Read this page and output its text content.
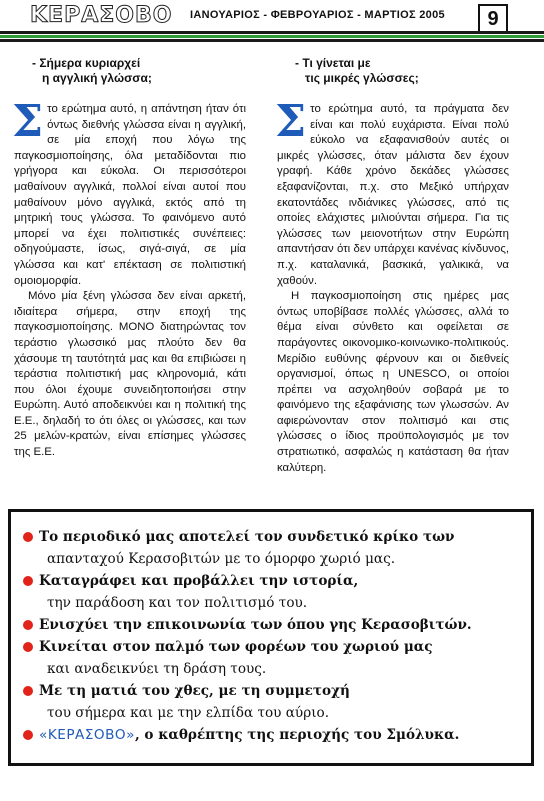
ΚΕΡΑΣΟΒΟ ΙΑΝΟΥΑΡΙΟΣ - ΦΕΒΡΟΥΑΡΙΟΣ - ΜΑΡΤΙΟΣ 2005	9
- Σήμερα κυριαρχεί
η αγγλική γλώσσα;

Στο ερώτημα αυτό, η απάντηση ήταν ότι όντως διεθνής γλώσσα είναι η αγγλική, σε μία εποχή που λόγω της παγκοσμιοποίησης, όλα μεταδίδονται πιο γρήγορα και εύκολα. Οι περισσότεροι μαθαίνουν αγγλικά, πολλοί είναι αυτοί που μαθαίνουν μόνο αγγλικά, εκτός από τη μητρική τους γλώσσα. Το φαινόμενο αυτό μπορεί να έχει πολιτιστικές συνέπειες: οδηγούμαστε, ίσως, σιγά-σιγά, σε μία γλώσσα και κατ' επέκταση σε πολιτιστική ομοιομορφία.

Μόνο μία ξένη γλώσσα δεν είναι αρκετή, ιδιαίτερα σήμερα, στην εποχή της παγκοσμιοποίησης. ΜΟΝΟ διατηρώντας τον τεράστιο γλωσσικό μας πλούτο δεν θα χάσουμε τη ταυτότητά μας και θα επιβιώσει η τεράστια πολιτιστική μας κληρονομιά, κάτι που όλοι έχουμε συνειδητοποιήσει στην Ευρώπη. Αυτό αποδεικνύει και η πολιτική της Ε.Ε., δηλαδή το ότι όλες οι γλώσσες, και των 25 μελών-κρατών, είναι επίσημες γλώσσες της Ε.Ε.

- Τι γίνεται με
τις μικρές γλώσσες;

Στο ερώτημα αυτό, τα πράγματα δεν είναι και πολύ ευχάριστα. Είναι πολύ εύκολο να εξαφανισθούν αυτές οι μικρές γλώσσες, όταν μάλιστα δεν έχουν γραφή. Κάθε χρόνο δεκάδες γλώσσες εξαφανίζονται, π.χ. στο Μεξικό υπήρχαν εκατοντάδες ινδιάνικες γλώσσες, από τις οποίες ελάχιστες μιλιούνται σήμερα. Για τις γλώσσες των μειονοτήτων στην Ευρώπη απαντήσαν ότι δεν υπάρχει κανένας κίνδυνος, π.χ. καταλανικά, βασκικά, γαλικικά, να χαθούν.

Η παγκοσμιοποίηση στις ημέρες μας όντως υποβίβασε πολλές γλώσσες, αλλά το θέμα είναι σύνθετο και οφείλεται σε παράγοντες οικονομικο-κοινωνικο-πολιτικούς. Μερίδιο ευθύνης φέρνουν και οι διεθνείς οργανισμοί, όπως η UNESCO, οι οποίοι πρέπει να ασχοληθούν σοβαρά με το φαινόμενο της εξαφάνισης των γλωσσών. Αν αφιερώνονταν στον πολιτισμό και στις γλώσσες ο ίδιος προϋπολογισμός με τον στρατιωτικό, ασφαλώς η κατάσταση θα ήταν καλύτερη.

Το περιοδικό μας αποτελεί τον συνδετικό κρίκο των
απανταχού Κερασοβιτών με το όμορφο χωριό μας.
Καταγράφει και προβάλλει την ιστορία,
την παράδοση και τον πολιτισμό του.
Ενισχύει την επικοινωνία των όπου γης Κερασοβιτών.
Κινείται στον παλμό των φορέων του χωριού μας
και αναδεικνύει τη δράση τους.
Με τη ματιά του χθες, με τη συμμετοχή
του σήμερα και με την ελπίδα του αύριο.
«ΚΕΡΑΣΟΒΟ», ο καθρέπτης της περιοχής του Σμόλυκα.
